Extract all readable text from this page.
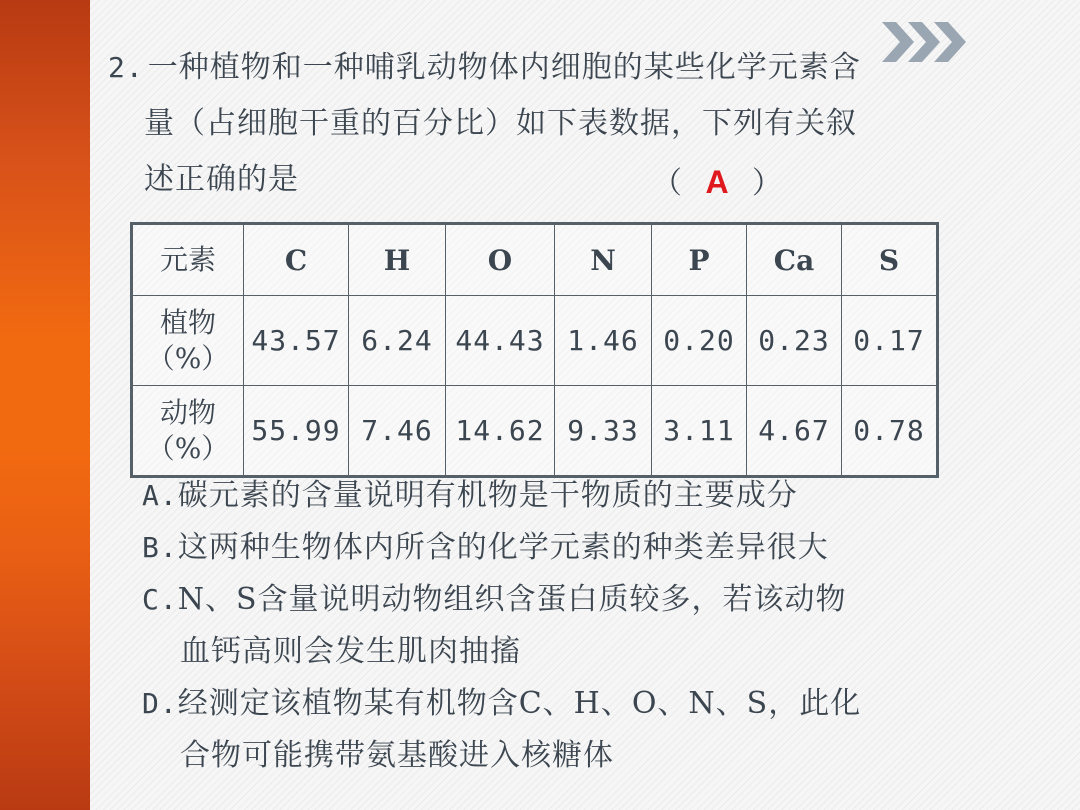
2. 一种植物和一种哺乳动物体内细胞的某些化学元素含
量（占细胞干重的百分比）如下表数据，下列有关叙
述正确的是	（ A ）
元素	C	H	O	N	P	Ca	S

植物
（%）	43.57	6.24	44.43	1.46	0.20	0.23	0.17

动物
（%）	55.99	7.46	14.62	9.33	3.11	4.67	0.78
A.碳元素的含量说明有机物是干物质的主要成分
B.这两种生物体内所含的化学元素的种类差异很大
C.N、S含量说明动物组织含蛋白质较多，若该动物
血钙高则会发生肌肉抽搐
D.经测定该植物某有机物含C、H、O、N、S，此化
合物可能携带氨基酸进入核糖体
